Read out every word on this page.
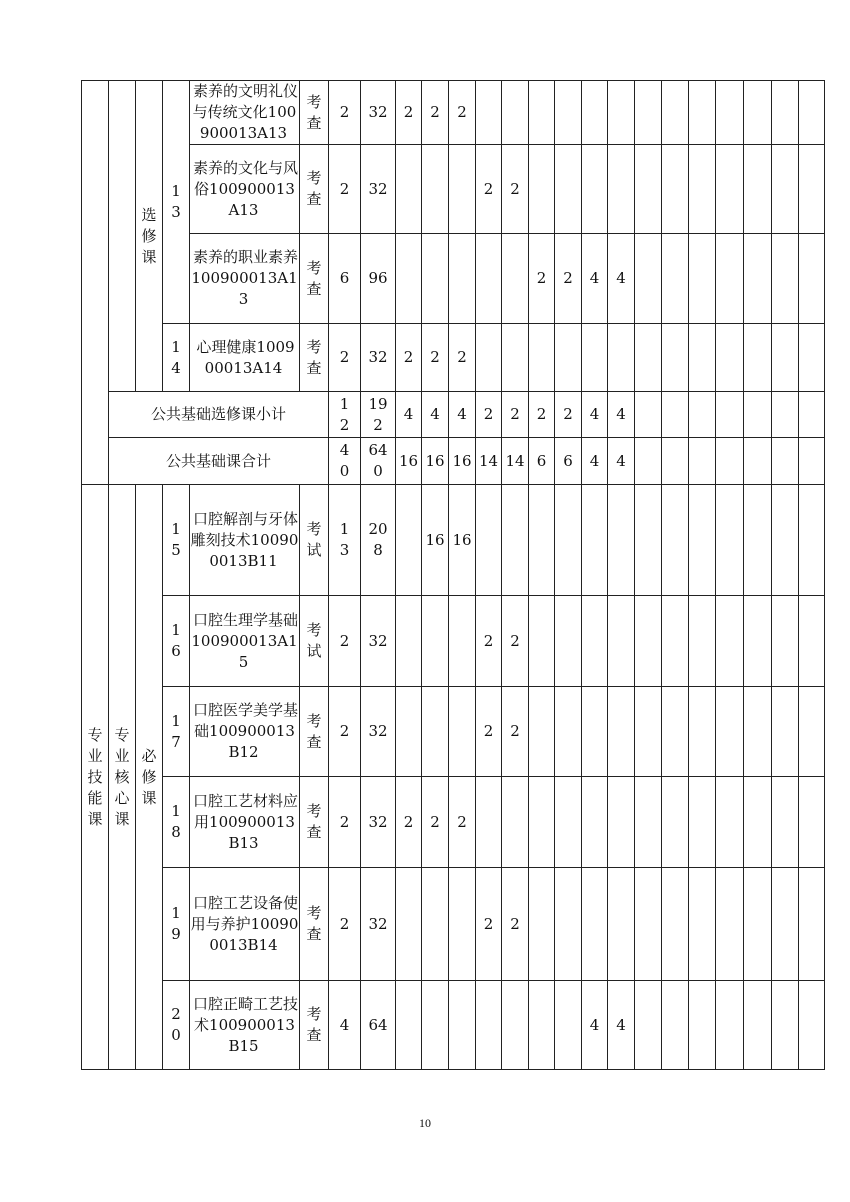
		选修课	13	素养的文明礼仪与传统文化100900013A13	考查	2	32	2	2	2													
				素养的文化与风俗100900013A13	考查	2	32				2	2											
				素养的职业素养100900013A13	考查	6	96						2	2	4	4							
			14	心理健康100900013A14	考查	2	32	2	2	2													
	公共基础选修课小计					12	192	4	4	4	2	2	2	2	4	4							
	公共基础课合计					40	640	16	16	16	14	14	6	6	4	4							
专业技能课	专业核心课	必修课	15	口腔解剖与牙体雕刻技术100900013B11	考试	13	208		16	16													
			16	口腔生理学基础100900013A15	考试	2	32				2	2											
			17	口腔医学美学基础100900013B12	考查	2	32				2	2											
			18	口腔工艺材料应用100900013B13	考查	2	32	2	2	2													
			19	口腔工艺设备使用与养护100900013B14	考查	2	32				2	2											
			20	口腔正畸工艺技术100900013B15	考查	4	64								4	4							
10
